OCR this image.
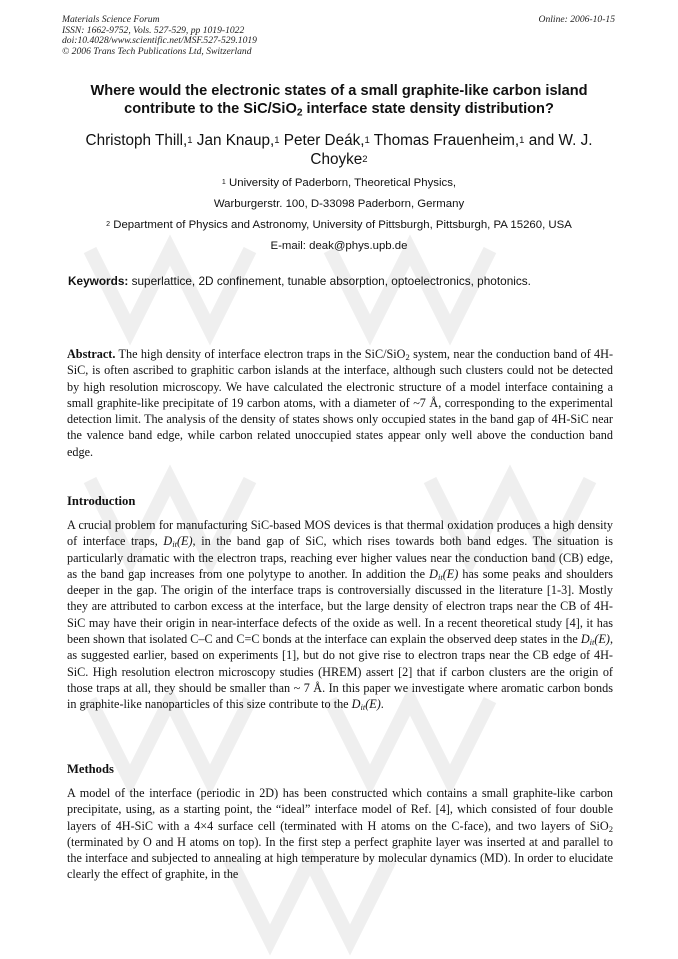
Materials Science Forum
ISSN: 1662-9752, Vols. 527-529, pp 1019-1022
doi:10.4028/www.scientific.net/MSF.527-529.1019
© 2006 Trans Tech Publications Ltd, Switzerland
Online: 2006-10-15
Where would the electronic states of a small graphite-like carbon island
contribute to the SiC/SiO$_2$ interface state density distribution?
Christoph Thill,$^1$ Jan Knaup,$^1$ Peter Deák,$^1$ Thomas Frauenheim,$^1$ and W. J. Choyke$^2$
$^1$ University of Paderborn, Theoretical Physics,
Warburgerstr. 100, D-33098 Paderborn, Germany
$^2$ Department of Physics and Astronomy, University of Pittsburgh, Pittsburgh, PA 15260, USA
E-mail: deak@phys.upb.de
Keywords: superlattice, 2D confinement, tunable absorption, optoelectronics, photonics.
Abstract. The high density of interface electron traps in the SiC/SiO$_2$ system, near the conduction band of 4H-SiC, is often ascribed to graphitic carbon islands at the interface, although such clusters could not be detected by high resolution microscopy. We have calculated the electronic structure of a model interface containing a small graphite-like precipitate of 19 carbon atoms, with a diameter of ~7 Å, corresponding to the experimental detection limit. The analysis of the density of states shows only occupied states in the band gap of 4H-SiC near the valence band edge, while carbon related unoccupied states appear only well above the conduction band edge.
Introduction
A crucial problem for manufacturing SiC-based MOS devices is that thermal oxidation produces a high density of interface traps, $D_{it}(E)$, in the band gap of SiC, which rises towards both band edges. The situation is particularly dramatic with the electron traps, reaching ever higher values near the conduction band (CB) edge, as the band gap increases from one polytype to another. In addition the $D_{it}(E)$ has some peaks and shoulders deeper in the gap. The origin of the interface traps is controversially discussed in the literature [1-3]. Mostly they are attributed to carbon excess at the interface, but the large density of electron traps near the CB of 4H-SiC may have their origin in near-interface defects of the oxide as well. In a recent theoretical study [4], it has been shown that isolated C–C and C=C bonds at the interface can explain the observed deep states in the $D_{it}(E)$, as suggested earlier, based on experiments [1], but do not give rise to electron traps near the CB edge of 4H-SiC. High resolution electron microscopy studies (HREM) assert [2] that if carbon clusters are the origin of those traps at all, they should be smaller than ~ 7 Å. In this paper we investigate where aromatic carbon bonds in graphite-like nanoparticles of this size contribute to the $D_{it}(E)$.
Methods
A model of the interface (periodic in 2D) has been constructed which contains a small graphite-like carbon precipitate, using, as a starting point, the “ideal” interface model of Ref. [4], which consisted of four double layers of 4H-SiC with a 4×4 surface cell (terminated with H atoms on the C-face), and two layers of SiO$_2$ (terminated by O and H atoms on top). In the first step a perfect graphite layer was inserted at and parallel to the interface and subjected to annealing at high temperature by molecular dynamics (MD). In order to elucidate clearly the effect of graphite, in the
